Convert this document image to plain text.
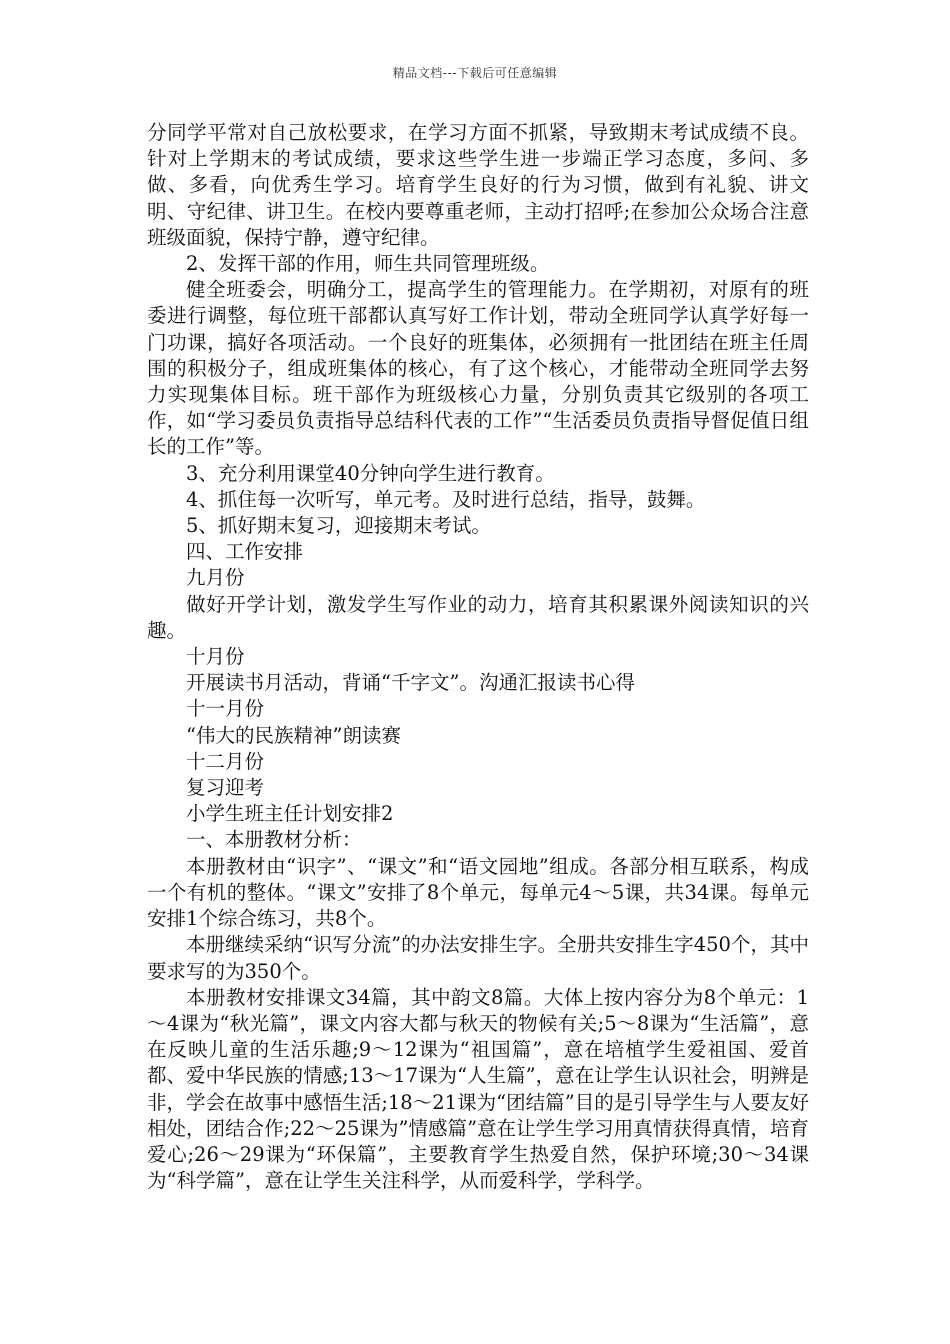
精品文档---下载后可任意编辑

分同学平常对自己放松要求，在学习方面不抓紧，导致期末考试成绩不良。针对上学期末的考试成绩，要求这些学生进一步端正学习态度，多问、多做、多看，向优秀生学习。培育学生良好的行为习惯，做到有礼貌、讲文明、守纪律、讲卫生。在校内要尊重老师，主动打招呼;在参加公众场合注意班级面貌，保持宁静，遵守纪律。

2、发挥干部的作用，师生共同管理班级。

健全班委会，明确分工，提高学生的管理能力。在学期初，对原有的班委进行调整，每位班干部都认真写好工作计划，带动全班同学认真学好每一门功课，搞好各项活动。一个良好的班集体，必须拥有一批团结在班主任周围的积极分子，组成班集体的核心，有了这个核心，才能带动全班同学去努力实现集体目标。班干部作为班级核心力量，分别负责其它级别的各项工作，如“学习委员负责指导总结科代表的工作”“生活委员负责指导督促值日组长的工作”等。

3、充分利用课堂40分钟向学生进行教育。

4、抓住每一次听写，单元考。及时进行总结，指导，鼓舞。

5、抓好期末复习，迎接期末考试。

四、工作安排

九月份

做好开学计划，激发学生写作业的动力，培育其积累课外阅读知识的兴趣。

十月份

开展读书月活动，背诵“千字文”。沟通汇报读书心得

十一月份

“伟大的民族精神”朗读赛

十二月份

复习迎考

小学生班主任计划安排2

一、本册教材分析：

本册教材由“识字”、“课文”和“语文园地”组成。各部分相互联系，构成一个有机的整体。“课文”安排了8个单元，每单元4～5课，共34课。每单元安排1个综合练习，共8个。

本册继续采纳“识写分流”的办法安排生字。全册共安排生字450个，其中要求写的为350个。

本册教材安排课文34篇，其中韵文8篇。大体上按内容分为8个单元：1～4课为“秋光篇”，课文内容大都与秋天的物候有关;5～8课为“生活篇”，意在反映儿童的生活乐趣;9～12课为“祖国篇”，意在培植学生爱祖国、爱首都、爱中华民族的情感;13～17课为“人生篇”，意在让学生认识社会，明辨是非，学会在故事中感悟生活;18～21课为“团结篇”目的是引导学生与人要友好相处，团结合作;22～25课为”情感篇”意在让学生学习用真情获得真情，培育爱心;26～29课为“环保篇”，主要教育学生热爱自然，保护环境;30～34课为“科学篇”，意在让学生关注科学，从而爱科学，学科学。
